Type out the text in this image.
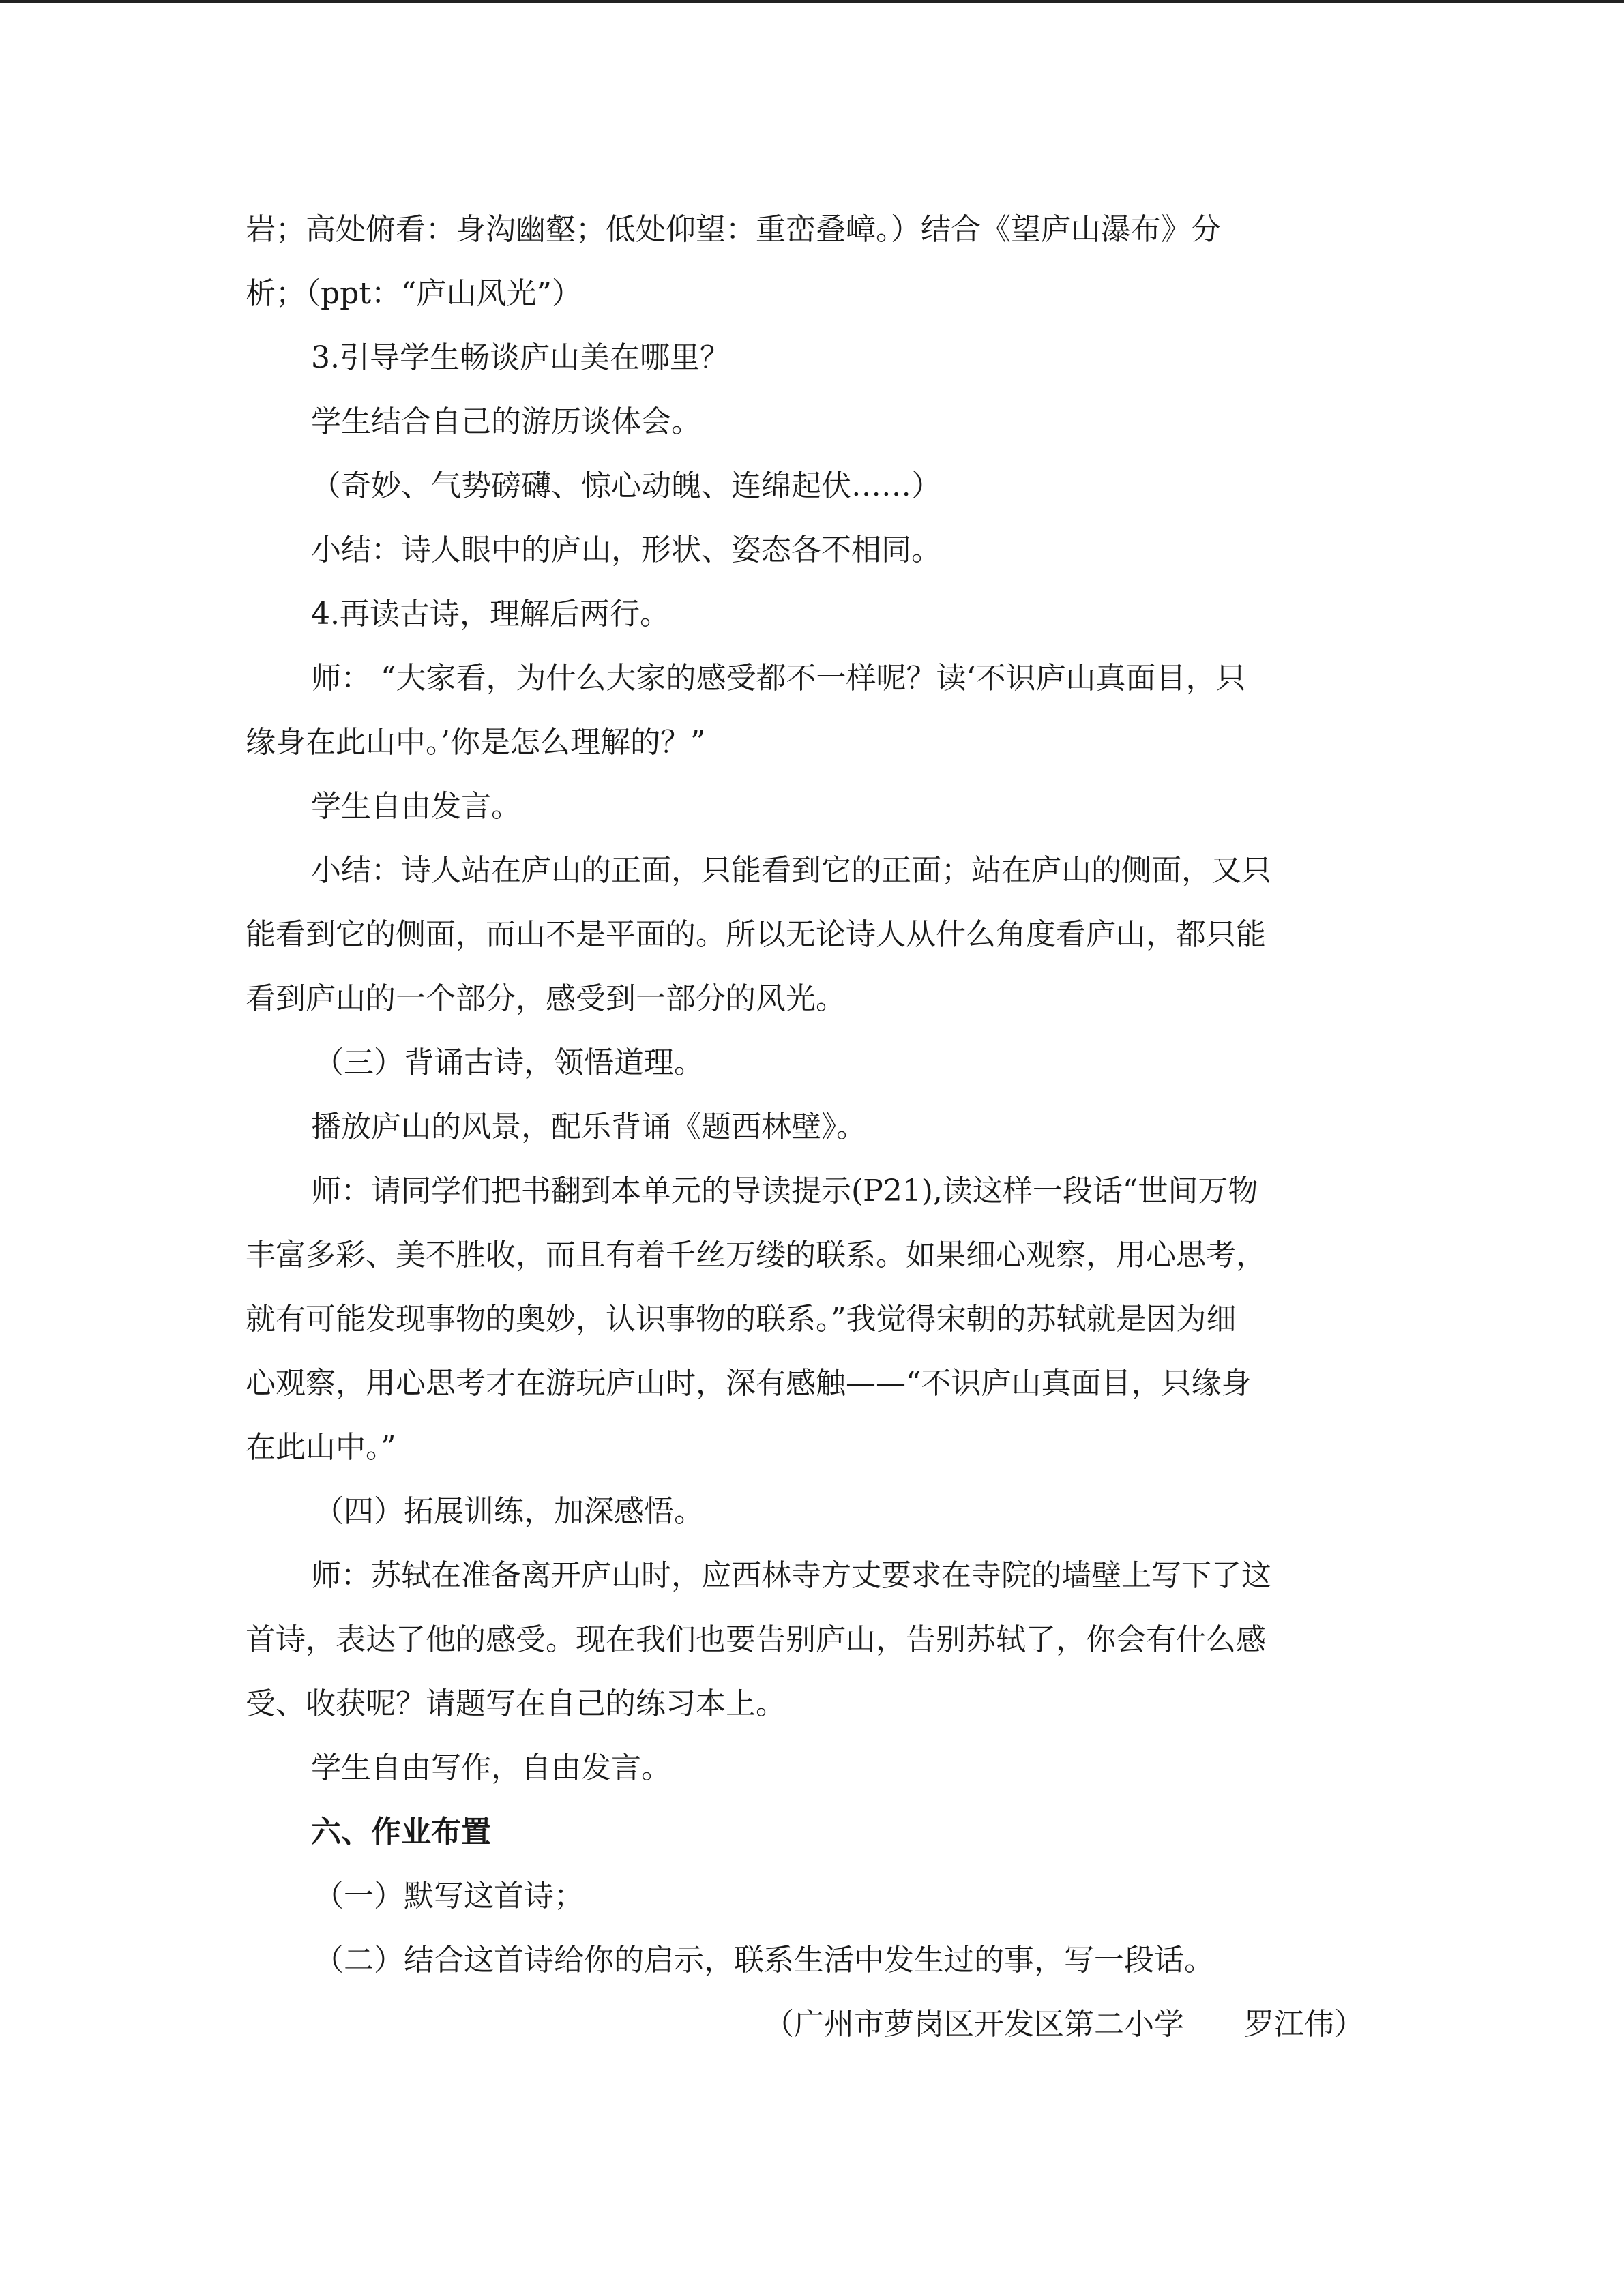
岩；高处俯看：身沟幽壑；低处仰望：重峦叠嶂。）结合《望庐山瀑布》分

析；（ppt：“庐山风光”）

3.引导学生畅谈庐山美在哪里？

学生结合自己的游历谈体会。

（奇妙、气势磅礴、惊心动魄、连绵起伏……）

小结：诗人眼中的庐山，形状、姿态各不相同。

4.再读古诗，理解后两行。

师： “大家看，为什么大家的感受都不一样呢？读‘不识庐山真面目，只

缘身在此山中。’你是怎么理解的？”

学生自由发言。

小结：诗人站在庐山的正面，只能看到它的正面；站在庐山的侧面，又只

能看到它的侧面，而山不是平面的。所以无论诗人从什么角度看庐山，都只能

看到庐山的一个部分，感受到一部分的风光。

（三）背诵古诗，领悟道理。

播放庐山的风景，配乐背诵《题西林壁》。

师：请同学们把书翻到本单元的导读提示(P21),读这样一段话“世间万物

丰富多彩、美不胜收，而且有着千丝万缕的联系。如果细心观察，用心思考，

就有可能发现事物的奥妙，认识事物的联系。”我觉得宋朝的苏轼就是因为细

心观察，用心思考才在游玩庐山时，深有感触——“不识庐山真面目，只缘身

在此山中。”

（四）拓展训练，加深感悟。

师：苏轼在准备离开庐山时，应西林寺方丈要求在寺院的墙壁上写下了这

首诗，表达了他的感受。现在我们也要告别庐山，告别苏轼了，你会有什么感

受、收获呢？请题写在自己的练习本上。

学生自由写作，自由发言。

六、作业布置

（一）默写这首诗；

（二）结合这首诗给你的启示，联系生活中发生过的事，写一段话。

（广州市萝岗区开发区第二小学　　罗江伟）
